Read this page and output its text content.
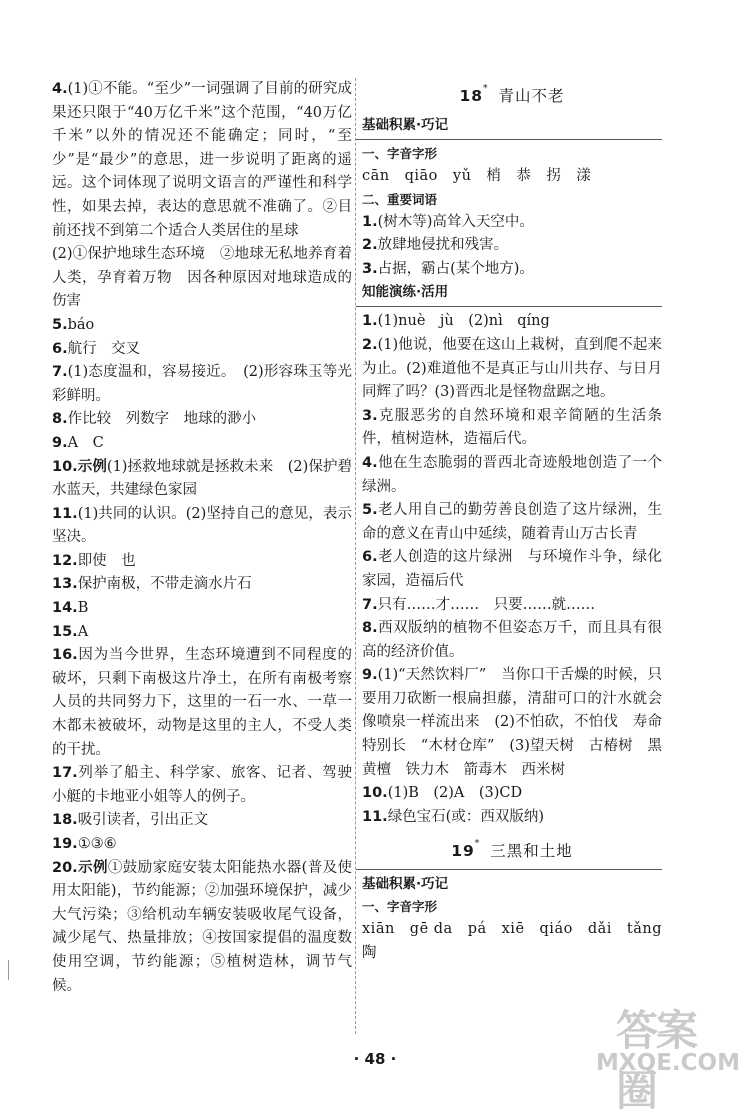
4.(1)①不能。“至少”一词强调了目前的研究成果还只限于“40万亿千米”这个范围，“40万亿千米”以外的情况还不能确定；同时，“至少”是“最少”的意思，进一步说明了距离的遥远。这个词体现了说明文语言的严谨性和科学性，如果去掉，表达的意思就不准确了。②目前还找不到第二个适合人类居住的星球

(2)①保护地球生态环境　②地球无私地养育着人类，孕育着万物　因各种原因对地球造成的伤害

5.báo

6.航行　交叉

7.(1)态度温和，容易接近。　(2)形容珠玉等光彩鲜明。

8.作比较　列数字　地球的渺小

9.A　C

10.示例(1)拯救地球就是拯救未来　(2)保护碧水蓝天，共建绿色家园

11.(1)共同的认识。(2)坚持自己的意见，表示坚决。

12.即使　也

13.保护南极，不带走滴水片石

14.B

15.A

16.因为当今世界，生态环境遭到不同程度的破坏，只剩下南极这片净土，在所有南极考察人员的共同努力下，这里的一石一水、一草一木都未被破坏，动物是这里的主人，不受人类的干扰。

17.列举了船主、科学家、旅客、记者、驾驶小艇的卡地亚小姐等人的例子。

18.吸引读者，引出正文

19.①③⑥

20.示例①鼓励家庭安装太阳能热水器(普及使用太阳能)，节约能源；②加强环境保护，减少大气污染；③给机动车辆安装吸收尾气设备，减少尾气、热量排放；④按国家提倡的温度数使用空调，节约能源；⑤植树造林，调节气候。

18* 青山不老

基础积累·巧记

一、字音字形

cān　qiāo　yǔ　梢　恭　拐　漾

二、重要词语

1.(树木等)高耸入天空中。

2.放肆地侵扰和残害。

3.占据，霸占(某个地方)。

知能演练·活用

1.(1)nuè　jù　(2)nì　qíng

2.(1)他说，他要在这山上栽树，直到爬不起来为止。(2)难道他不是真正与山川共存、与日月同辉了吗？(3)晋西北是怪物盘踞之地。

3.克服恶劣的自然环境和艰辛简陋的生活条件，植树造林，造福后代。

4.他在生态脆弱的晋西北奇迹般地创造了一个绿洲。

5.老人用自己的勤劳善良创造了这片绿洲，生命的意义在青山中延续，随着青山万古长青

6.老人创造的这片绿洲　与环境作斗争，绿化家园，造福后代

7.只有……才……　只要……就……

8.西双版纳的植物不但姿态万千，而且具有很高的经济价值。

9.(1)“天然饮料厂”　当你口干舌燥的时候，只要用刀砍断一根扁担藤，清甜可口的汁水就会像喷泉一样流出来　(2)不怕砍，不怕伐　寿命特别长　“木材仓库”　(3)望天树　古椿树　黑黄檀　铁力木　箭毒木　西米树

10.(1)B　(2)A　(3)CD

11.绿色宝石(或：西双版纳)

19* 三黑和土地

基础积累·巧记

一、字音字形

xiān　gē da　pá　xiē　qiáo　dǎi　tǎng　陶

· 48 ·
答案圈
MXQE.COM
